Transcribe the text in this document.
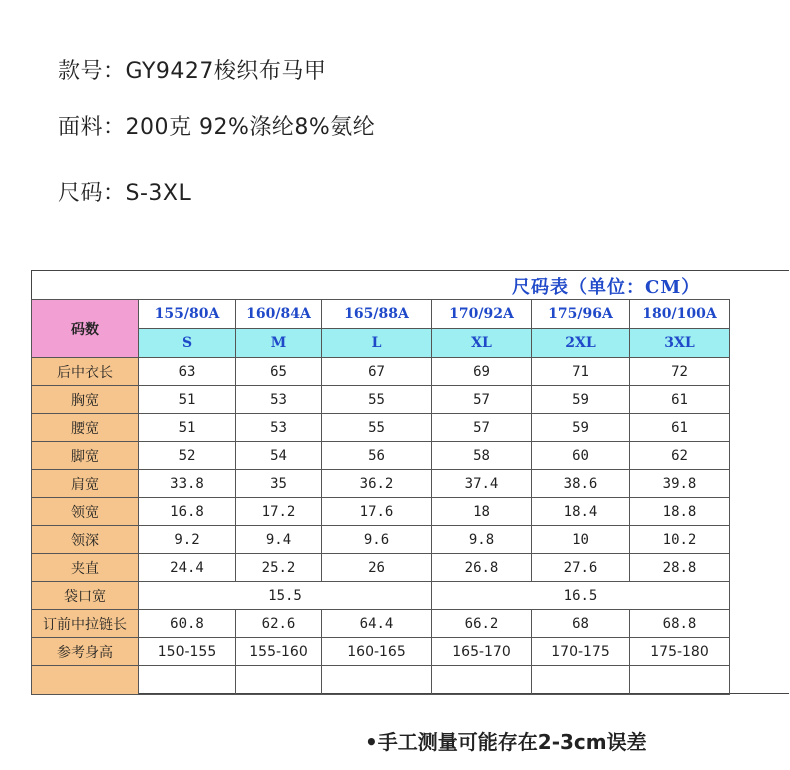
款号：GY9427梭织布马甲
面料：200克 92%涤纶8%氨纶
尺码：S-3XL
尺码表（单位：CM）
码数	155/80A	160/84A	165/88A	170/92A	175/96A	180/100A
	S	M	L	XL	2XL	3XL
后中衣长	63	65	67	69	71	72
胸宽	51	53	55	57	59	61
腰宽	51	53	55	57	59	61
脚宽	52	54	56	58	60	62
肩宽	33.8	35	36.2	37.4	38.6	39.8
领宽	16.8	17.2	17.6	18	18.4	18.8
领深	9.2	9.4	9.6	9.8	10	10.2
夹直	24.4	25.2	26	26.8	27.6	28.8
袋口宽	15.5			16.5		
订前中拉链长	60.8	62.6	64.4	66.2	68	68.8
参考身高	150-155	155-160	160-165	165-170	170-175	175-180

•手工测量可能存在2-3cm误差
